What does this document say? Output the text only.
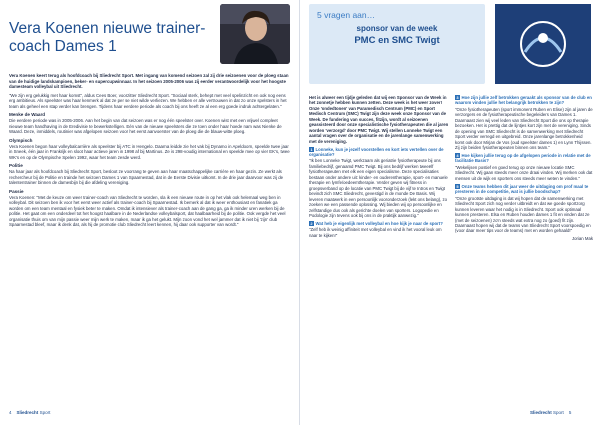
Vera Koenen nieuwe trainer-coach Dames 1

Vera Koenen keert terug als hoofdcoach bij Sliedrecht Sport. Met ingang van komend seizoen zal zij drie seizoenen voor de ploeg staan van de huidige landskampioen, beker- en supercupwinnaar. In het seizoen 2005-2006 was zij eerder verantwoordelijk voor het hoogste damesteam volleybal uit Sliedrecht.

"We zijn erg gelukkig met haar komst", aldus Cees Boer, voorzitter Sliedrecht Sport. "Sociaal sterk, behept met veel spelinzicht en ook nog eens erg ambitieus. Als speelster was haar kenmerk al dat ze per se niet wilde verliezen. We hebben er alle vertrouwen in dat zo onze spelsters in het team als geheel een stap verder kan brengen. Tijdens haar eerdere periode als coach bij ons heeft ze al een erg goede indruk achtergelaten."

Menke de Waard

Die eerdere periode was in 2005-2006. Aan het begin van dat seizoen was er nog één speelster over. Koenen wist met een vrijwel compleet nieuwe team handhaving in de Eredivisie te bewerkstelligen. Eén van de nieuwe speelsters die ze toen onder haar hoede nam was Nienke de Waard. Deze, inmiddels, routinier was afgelopen seizoen voor het eerst aanvoerster van de ploeg die de blauw-witte ploeg.

Olympisch

Vera Koenen begon haar volleybalcarrière als speelster bij ATC in Hengelo. Daarna leidde zie het vak bij Dynamo in Apeldoorn, speelde twee jaar in Sneek, één jaar in Frankrijk en sloot haar actieve jaren in 1998 af bij Martinus. Ze is 298-voudig international en speelde mee op vier EK's, twee WK's en op de Olympische Spelen 1992, waar het team zesde werd.

Politie

Na haar jaar als hoofdcoach bij Sliedrecht Sport, besloot ze voorrang te geven aan haar maatschappelijke carrière en haar gezin. Ze werkt als rechercheur bij de Politie en trainde het seizoen Dames 1 van Spaarnestad, dat in de Eerste Divisie uitkomt. In de drie jaar daarvoor was zij de talententrainer binnen de damesbijn bij die afdeling vereniging.

Passie

Vera Koenen: "Met de keuze om weer trainer-coach van Sliedrecht te worden, sla ik een nieuwe route in op het vlak ook helemaal weg ben in volleybal. Dit seizoen ben ik voor het eerst weer actief als trainer-coach bij Spaarnestad. Ik bemerk al dat ik weer enthousiast en fanatiek ga worden om een team mentaal en fysiek beter te maken. Omdat ik intensiever als trainer-coach aan de gang ga, ga ik minder uren werken bij de politie. Het gaat om een onderdeel tot het hoogst haalbare in de Nederlandse volleybalsport, dat haalbaarheid bij de politie. Ook vergde het veel organisatie thuis om van mijn passie weer mijn werk te maken, maar ik ga het gelukt. Mijn zoon vond het wel jammer dat ik niet bij 'zijn' club Spaarnestad bleef, maar ik denk dat, als hij de promotie club Sliedrecht leert kennen, hij daar ook supporter van wordt."

4 Sliedrecht Sport
5 vragen aan…
sponsor van de week
PMC en SMC Twigt

Het is alweer een tijdje geleden dat wij een Sponsor van de Week in het zonnetje hebben kunnen zetten. Deze week is het weer zover! Onze 'ondedtonen' van Paramedisch Centrum (PMC) en Sport Medisch Centrum (SMC) Twigt zijn deze week onze Sponsor van de Week. De fundering van succes, fitzijn, wordt al seizoenen geassisteerd door onze specialistische fysiotherapeuten die al jaren worden 'verzorgd' door PMC Twigt. Wij stellen Lonneke Twigt een aantal vragen over de organisatie en de jarenlange samenwerking met de vereniging.

1 Lonneke, kun je jezelf voorstellen en kort iets vertellen over de organisatie?

"Ik ben Lonneke Twigt, werkzaam als geriatrie fysiotherapeute bij ons familiebedrijf, genaamd PMC Twigt. Bij ons bedrijf werken tweeëlf fysiotherapeuten met elk een eigen specialisme. Deze specialisaties bestaan onder andere uit: kinder- en ouderentherapie, sport- en manuele therapie en lymfe/oedeemtherapie. Verder geven wij fitness in groepsverband op de locatie van PMC Twigt bij de vijf te Intros en Twigt bevindt zich SMC Sliedrecht, gevestigd in de monde De Basis. Wij leveren maatwerk in een persoonlijk vooronderzoek (lekt ons belang), zo zoeken we een passende oplossing. Wij bieden wij op persoonlijke en zelfstandige dus ook als gerichte doelen van sporters. Logopedie en Podologie zijn tevens ook bij ons in de praktijk aanwezig."

2 Wat heb je eigenlijk met volleybal en hoe kijk je naar de sport?

"Zelf heb ik weinig affiniteit met volleybal en vind ik het vooral leuk om naar te kijken!"

3 Hoe zijn jullie zelf betrokken geraakt als sponsor van de club en waarom vinden jullie het belangrijk betrokken te zijn?

"Onze fysiotherapeuten (sport immonent Ruben en Elise) zijn al jaren de verzorgers en de fysiotherapeutische begeleiders van Dames 1. Daarnaast zien wij veel leden van Sliedrecht Sport die ons op therapie bezoeken. Het is prettig dat de lijntjes kort zijn met de vereniging. Sinds de opening van SMC Sliedrecht is de samenwerking met Sliedrecht Sport verder verregd en uitgebreid. Onze jarenlange betrokkenheid komt ook door Mirjan de Vos (oud speelster dames 1) en Lynn Thijssen. Zij zijn beiden fysiotherapeuten binnen ons team."

4 Hoe kijken jullie terug op de afgelopen periode in relatie met de facilitatie Basis?

"Wekelijsen postief en goed terug op onze nieuwe locatie SMC Sliedrecht. Wij gaan steeds meer onze draai vinden. Wij merken ook dat mensen uit de wijk en sporters ons steeds meer weten te vinden."

5 Onze teams hebben dit jaar weer de uitdaging om prof maal te presteren in de competitie, wat is jullie boodschap?

"Onze grootste uitdaging is dat wij hopen dat de samenwerking met Sliedrecht Sport zich nog verder uitbreidt en dat we goede sportzorg kunnen leveren waar het nodig is in Sliedrecht. Sport ook optimaal kunnen presteren. Elsa en Ruben houden dames 1 fit en vinden dat ze (met de seizoenen) zo'n steeds wat extra nog zo (goed) fit zijn. Daarnaast hopen wij dat de teams van Sliedrecht Sport voorspoedig en (voor daar meer tips voor de teams) met en worden gehaald!"

Jorian Mak

Sliedrecht Sport 5
